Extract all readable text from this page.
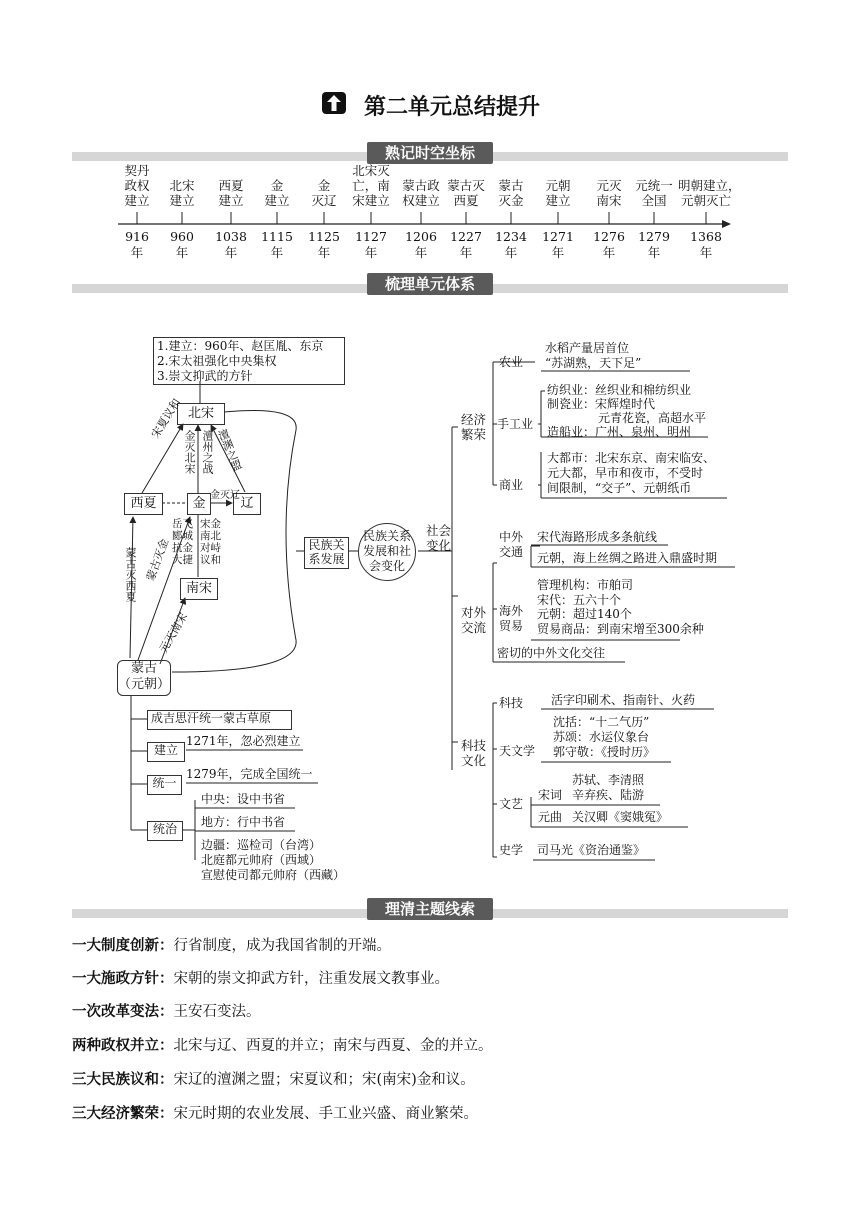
第二单元总结提升
熟记时空坐标
契丹
政权
建立
916
年
北宋
建立
960
年
西夏
建立
1038
年
金
建立
1115
年
金
灭辽
1125
年
北宋灭
亡，南
宋建立
1127
年
蒙古政
权建立
1206
年
蒙古灭
西夏
1227
年
蒙古
灭金
1234
年
元朝
建立
1271
年
元灭
南宋
1276
年
元统一
全国
1279
年
明朝建立，
元朝灭亡
1368
年
梳理单元体系
1.建立：960年、赵匡胤、东京
2.宋太祖强化中央集权
3.崇文抑武的方针
北宋
西夏	金	辽
南宋
蒙古
（元朝）
宋夏议和
金灭北宋 澶州之战 澶渊之盟
金灭辽
岳飞郾城抗金大捷
宋金南北对峙议和
蒙古灭西夏 蒙古灭金
元灭南宋
民族关
系发展
民族关系
发展和社
会变化
社会
变化
成吉思汗统一蒙古草原
建立
1271年，忽必烈建立
统一
1279年，完成全国统一
统治
中央：设中书省
地方：行中书省
边疆：巡检司（台湾）
北庭都元帅府（西域）
宣慰使司都元帅府（西藏）
经济
繁荣
农业
水稻产量居首位
“苏湖熟，天下足”
手工业
纺织业：丝织业和棉纺织业
制瓷业：宋辉煌时代
元青花瓷，高超水平
造船业：广州、泉州、明州
商业
大都市：北宋东京、南宋临安、
元大都，早市和夜市，不受时
间限制，“交子”、元朝纸币
对外
交流
中外
交通
宋代海路形成多条航线
元朝，海上丝绸之路进入鼎盛时期
海外
贸易
管理机构：市舶司
宋代：五六十个
元朝：超过140个
贸易商品：到南宋增至300余种
密切的中外文化交往
科技
文化
科技 活字印刷术、指南针、火药
天文学
沈括：“十二气历”
苏颂：水运仪象台
郭守敬：《授时历》
文艺
宋词
苏轼、李清照
辛弃疾、陆游
元曲 关汉卿《窦娥冤》
史学 司马光《资治通鉴》
理清主题线索
一大制度创新：行省制度，成为我国省制的开端。
一大施政方针：宋朝的崇文抑武方针，注重发展文教事业。
一次改革变法：王安石变法。
两种政权并立：北宋与辽、西夏的并立；南宋与西夏、金的并立。
三大民族议和：宋辽的澶渊之盟；宋夏议和；宋(南宋)金和议。
三大经济繁荣：宋元时期的农业发展、手工业兴盛、商业繁荣。
